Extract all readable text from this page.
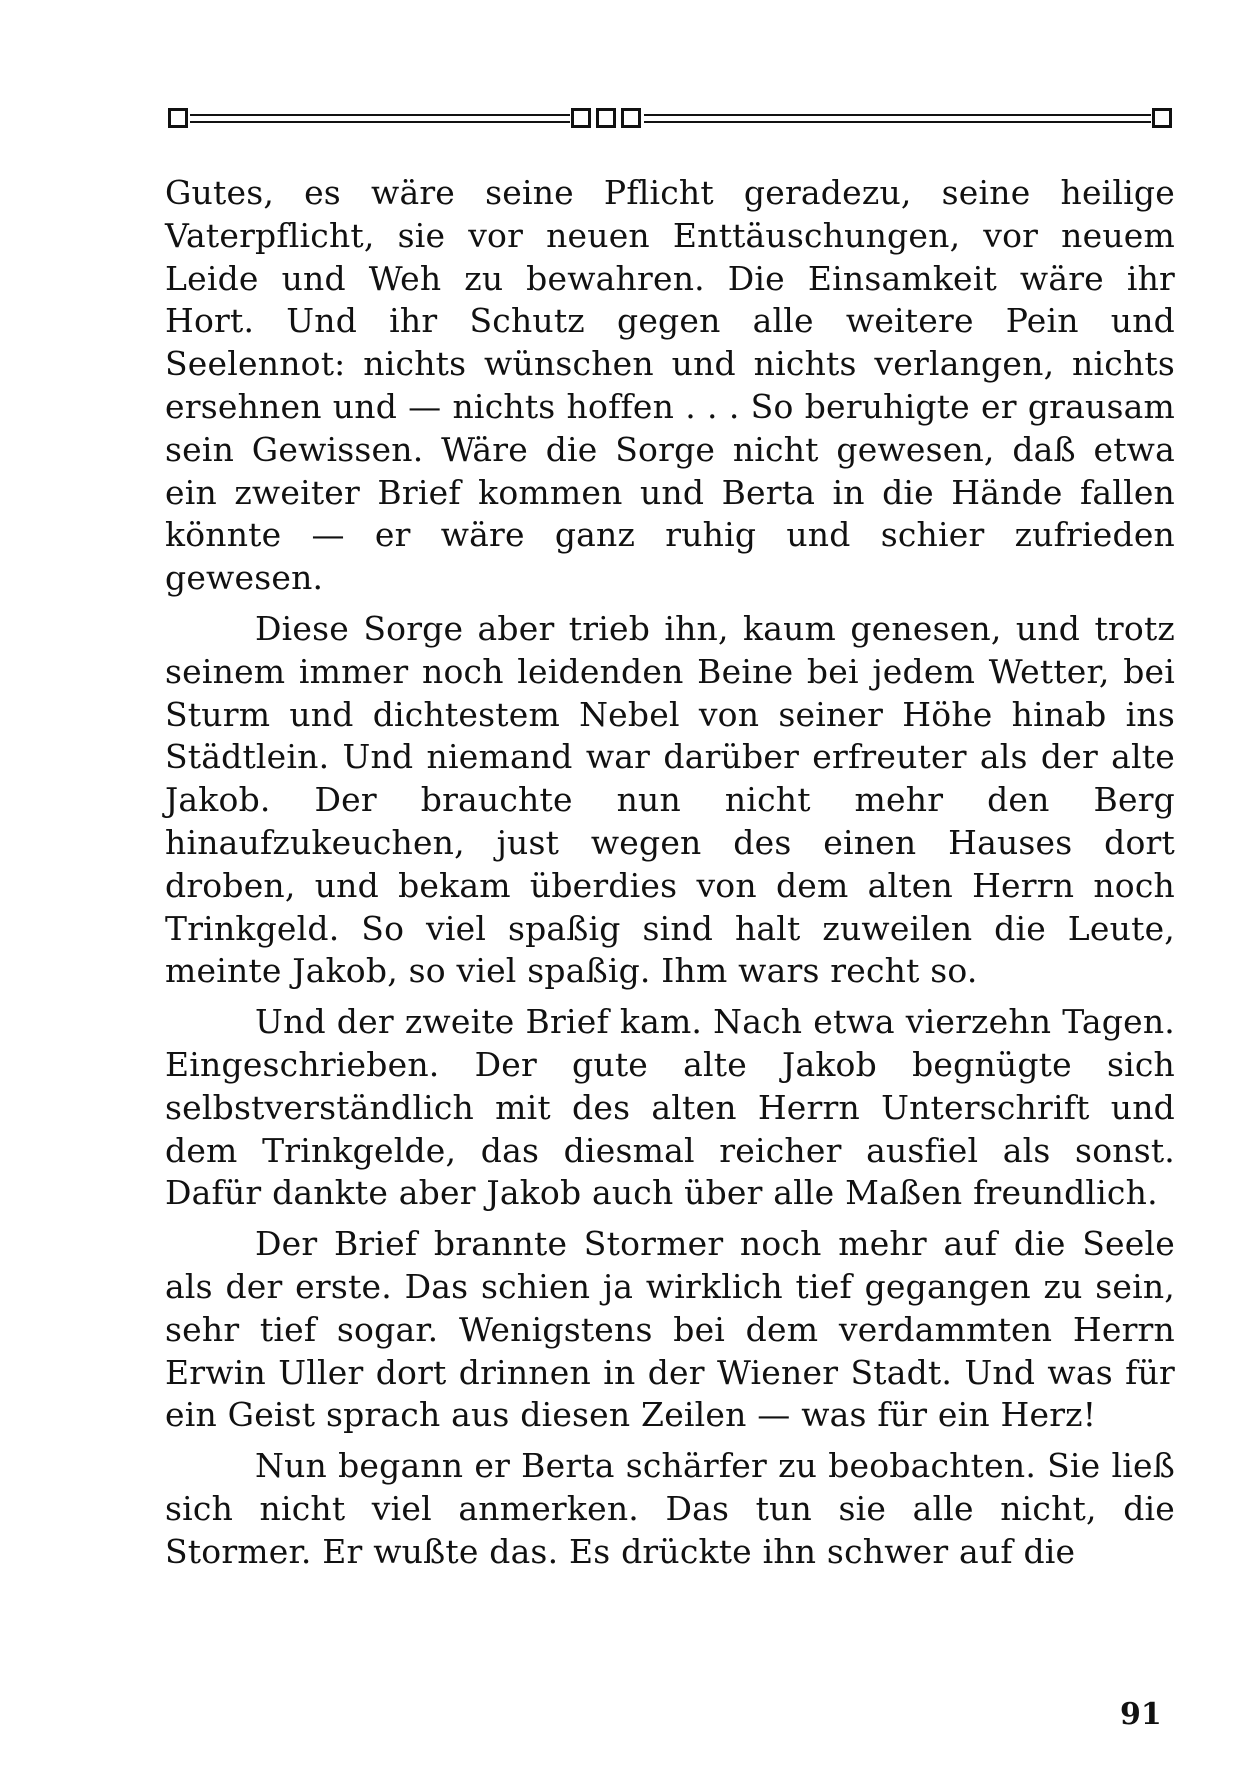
Gutes, es wäre seine Pflicht geradezu, seine heilige Vaterpflicht, sie vor neuen Enttäuschungen, vor neuem Leide und Weh zu bewahren. Die Einsamkeit wäre ihr Hort. Und ihr Schutz gegen alle weitere Pein und Seelennot: nichts wünschen und nichts verlangen, nichts ersehnen und — nichts hoffen . . . So beruhigte er grausam sein Gewissen. Wäre die Sorge nicht gewesen, daß etwa ein zweiter Brief kommen und Berta in die Hände fallen könnte — er wäre ganz ruhig und schier zufrieden gewesen.

Diese Sorge aber trieb ihn, kaum genesen, und trotz seinem immer noch leidenden Beine bei jedem Wetter, bei Sturm und dichtestem Nebel von seiner Höhe hinab ins Städtlein. Und niemand war darüber erfreuter als der alte Jakob. Der brauchte nun nicht mehr den Berg hinaufzukeuchen, just wegen des einen Hauses dort droben, und bekam überdies von dem alten Herrn noch Trinkgeld. So viel spaßig sind halt zuweilen die Leute, meinte Jakob, so viel spaßig. Ihm wars recht so.

Und der zweite Brief kam. Nach etwa vierzehn Tagen. Eingeschrieben. Der gute alte Jakob begnügte sich selbstverständlich mit des alten Herrn Unterschrift und dem Trinkgelde, das diesmal reicher ausfiel als sonst. Dafür dankte aber Jakob auch über alle Maßen freundlich.

Der Brief brannte Stormer noch mehr auf die Seele als der erste. Das schien ja wirklich tief gegangen zu sein, sehr tief sogar. Wenigstens bei dem verdammten Herrn Erwin Uller dort drinnen in der Wiener Stadt. Und was für ein Geist sprach aus diesen Zeilen — was für ein Herz!

Nun begann er Berta schärfer zu beobachten. Sie ließ sich nicht viel anmerken. Das tun sie alle nicht, die Stormer. Er wußte das. Es drückte ihn schwer auf die

91
